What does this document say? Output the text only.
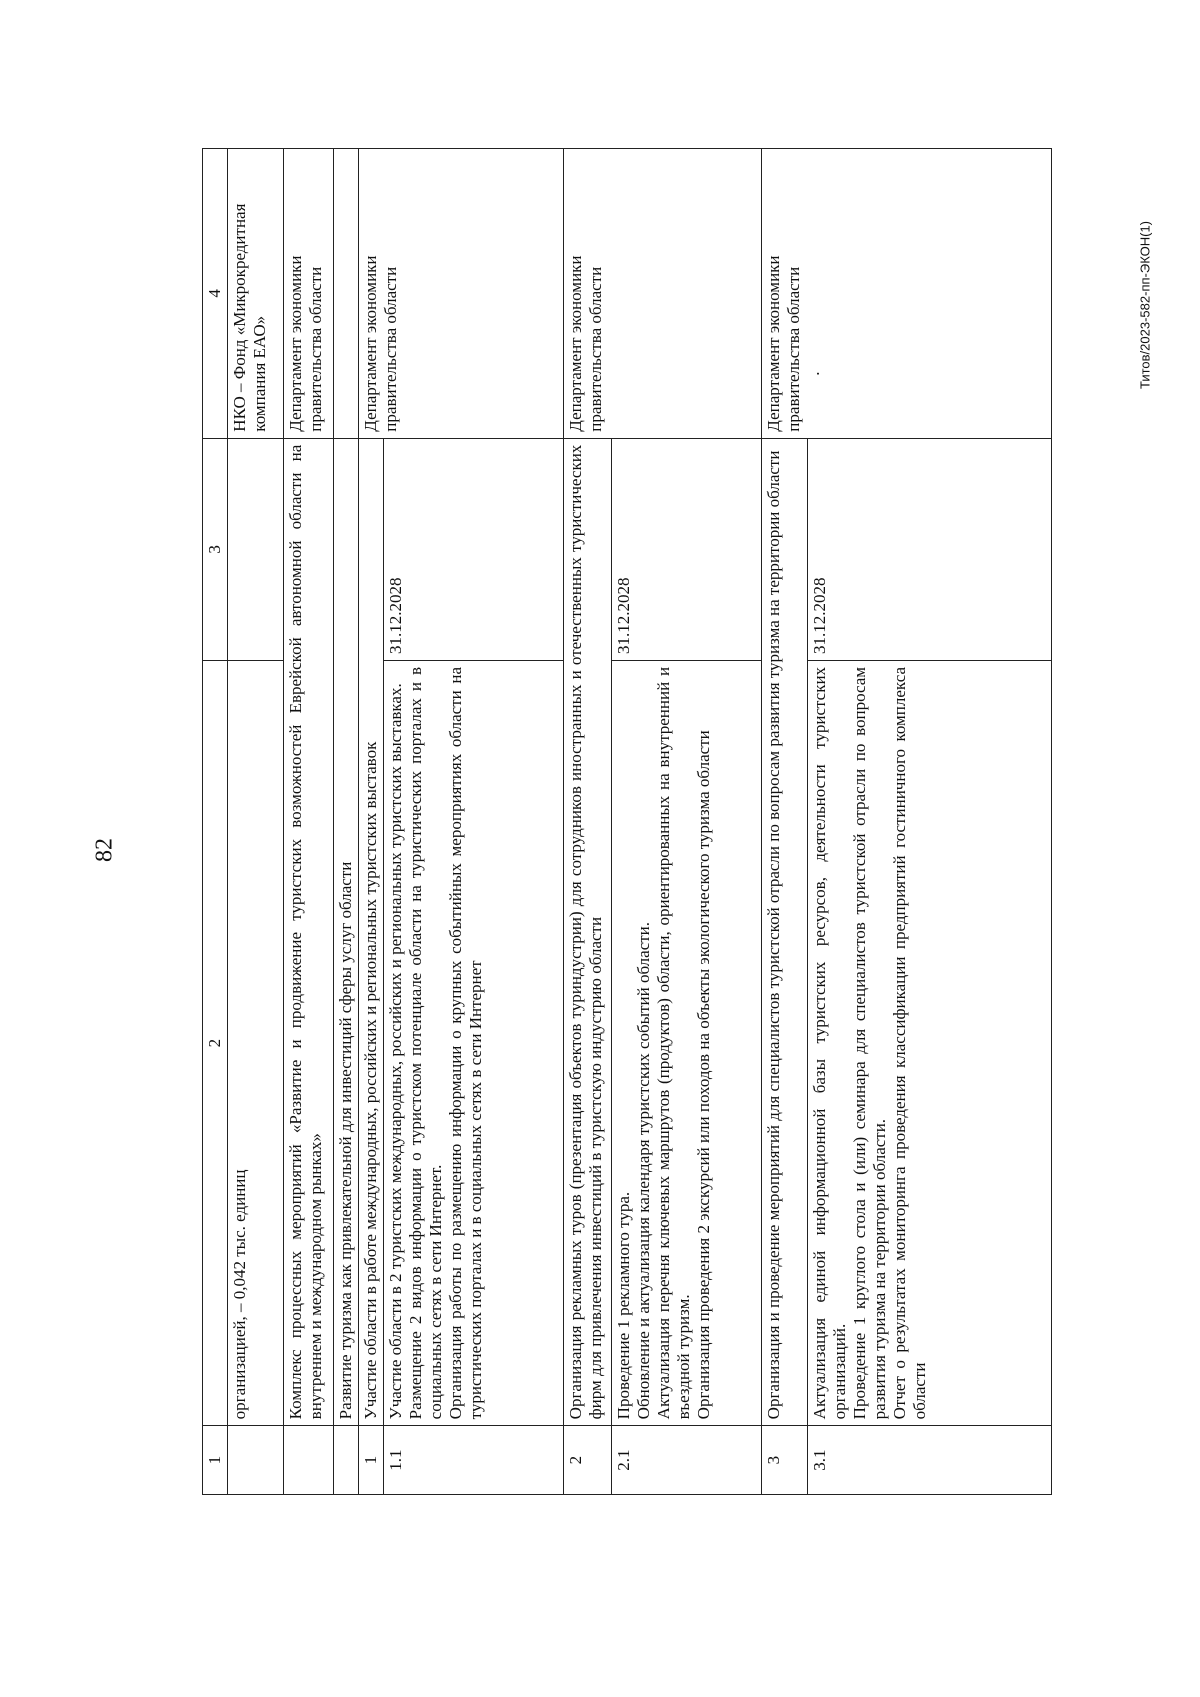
82
Титов/2023-582-пп-ЭКОН(1)
1	2	3	4
	организацией, – 0,042 тыс. единиц		НКО – Фонд «Микрокредитная компания ЕАО»
	Комплекс процессных мероприятий «Развитие и продвижение туристских возможностей Еврейской автономной области на внутреннем и международном рынках»		Департамент экономики правительства области
	Развитие туризма как привлекательной для инвестиций сферы услуг области		
1	Участие области в работе международных, российских и региональных туристских выставок		Департамент экономики правительства области
1.1	Участие области в 2 туристских международных, российских и региональных туристских выставках. Размещение 2 видов информации о туристском потенциале области на туристических порталах и в социальных сетях в сети Интернет. Организация работы по размещению информации о крупных событийных мероприятиях области на туристических порталах и в социальных сетях в сети Интернет	31.12.2028	
2	Организация рекламных туров (презентация объектов туриндустрии) для сотрудников иностранных и отечественных туристических фирм для привлечения инвестиций в туристскую индустрию области		Департамент экономики правительства области
2.1	Проведение 1 рекламного тура. Обновление и актуализация календаря туристских событий области. Актуализация перечня ключевых маршрутов (продуктов) области, ориентированных на внутренний и въездной туризм. Организация проведения 2 экскурсий или походов на объекты экологического туризма области	31.12.2028	
3	Организация и проведение мероприятий для специалистов туристской отрасли по вопросам развития туризма на территории области		Департамент экономики правительства области .

3.1	Актуализация единой информационной базы туристских ресурсов, деятельности туристских организаций. Проведение 1 круглого стола и (или) семинара для специалистов туристской отрасли по вопросам развития туризма на территории области. Отчет о результатах мониторинга проведения классификации предприятий гостиничного комплекса области	31.12.2028	
